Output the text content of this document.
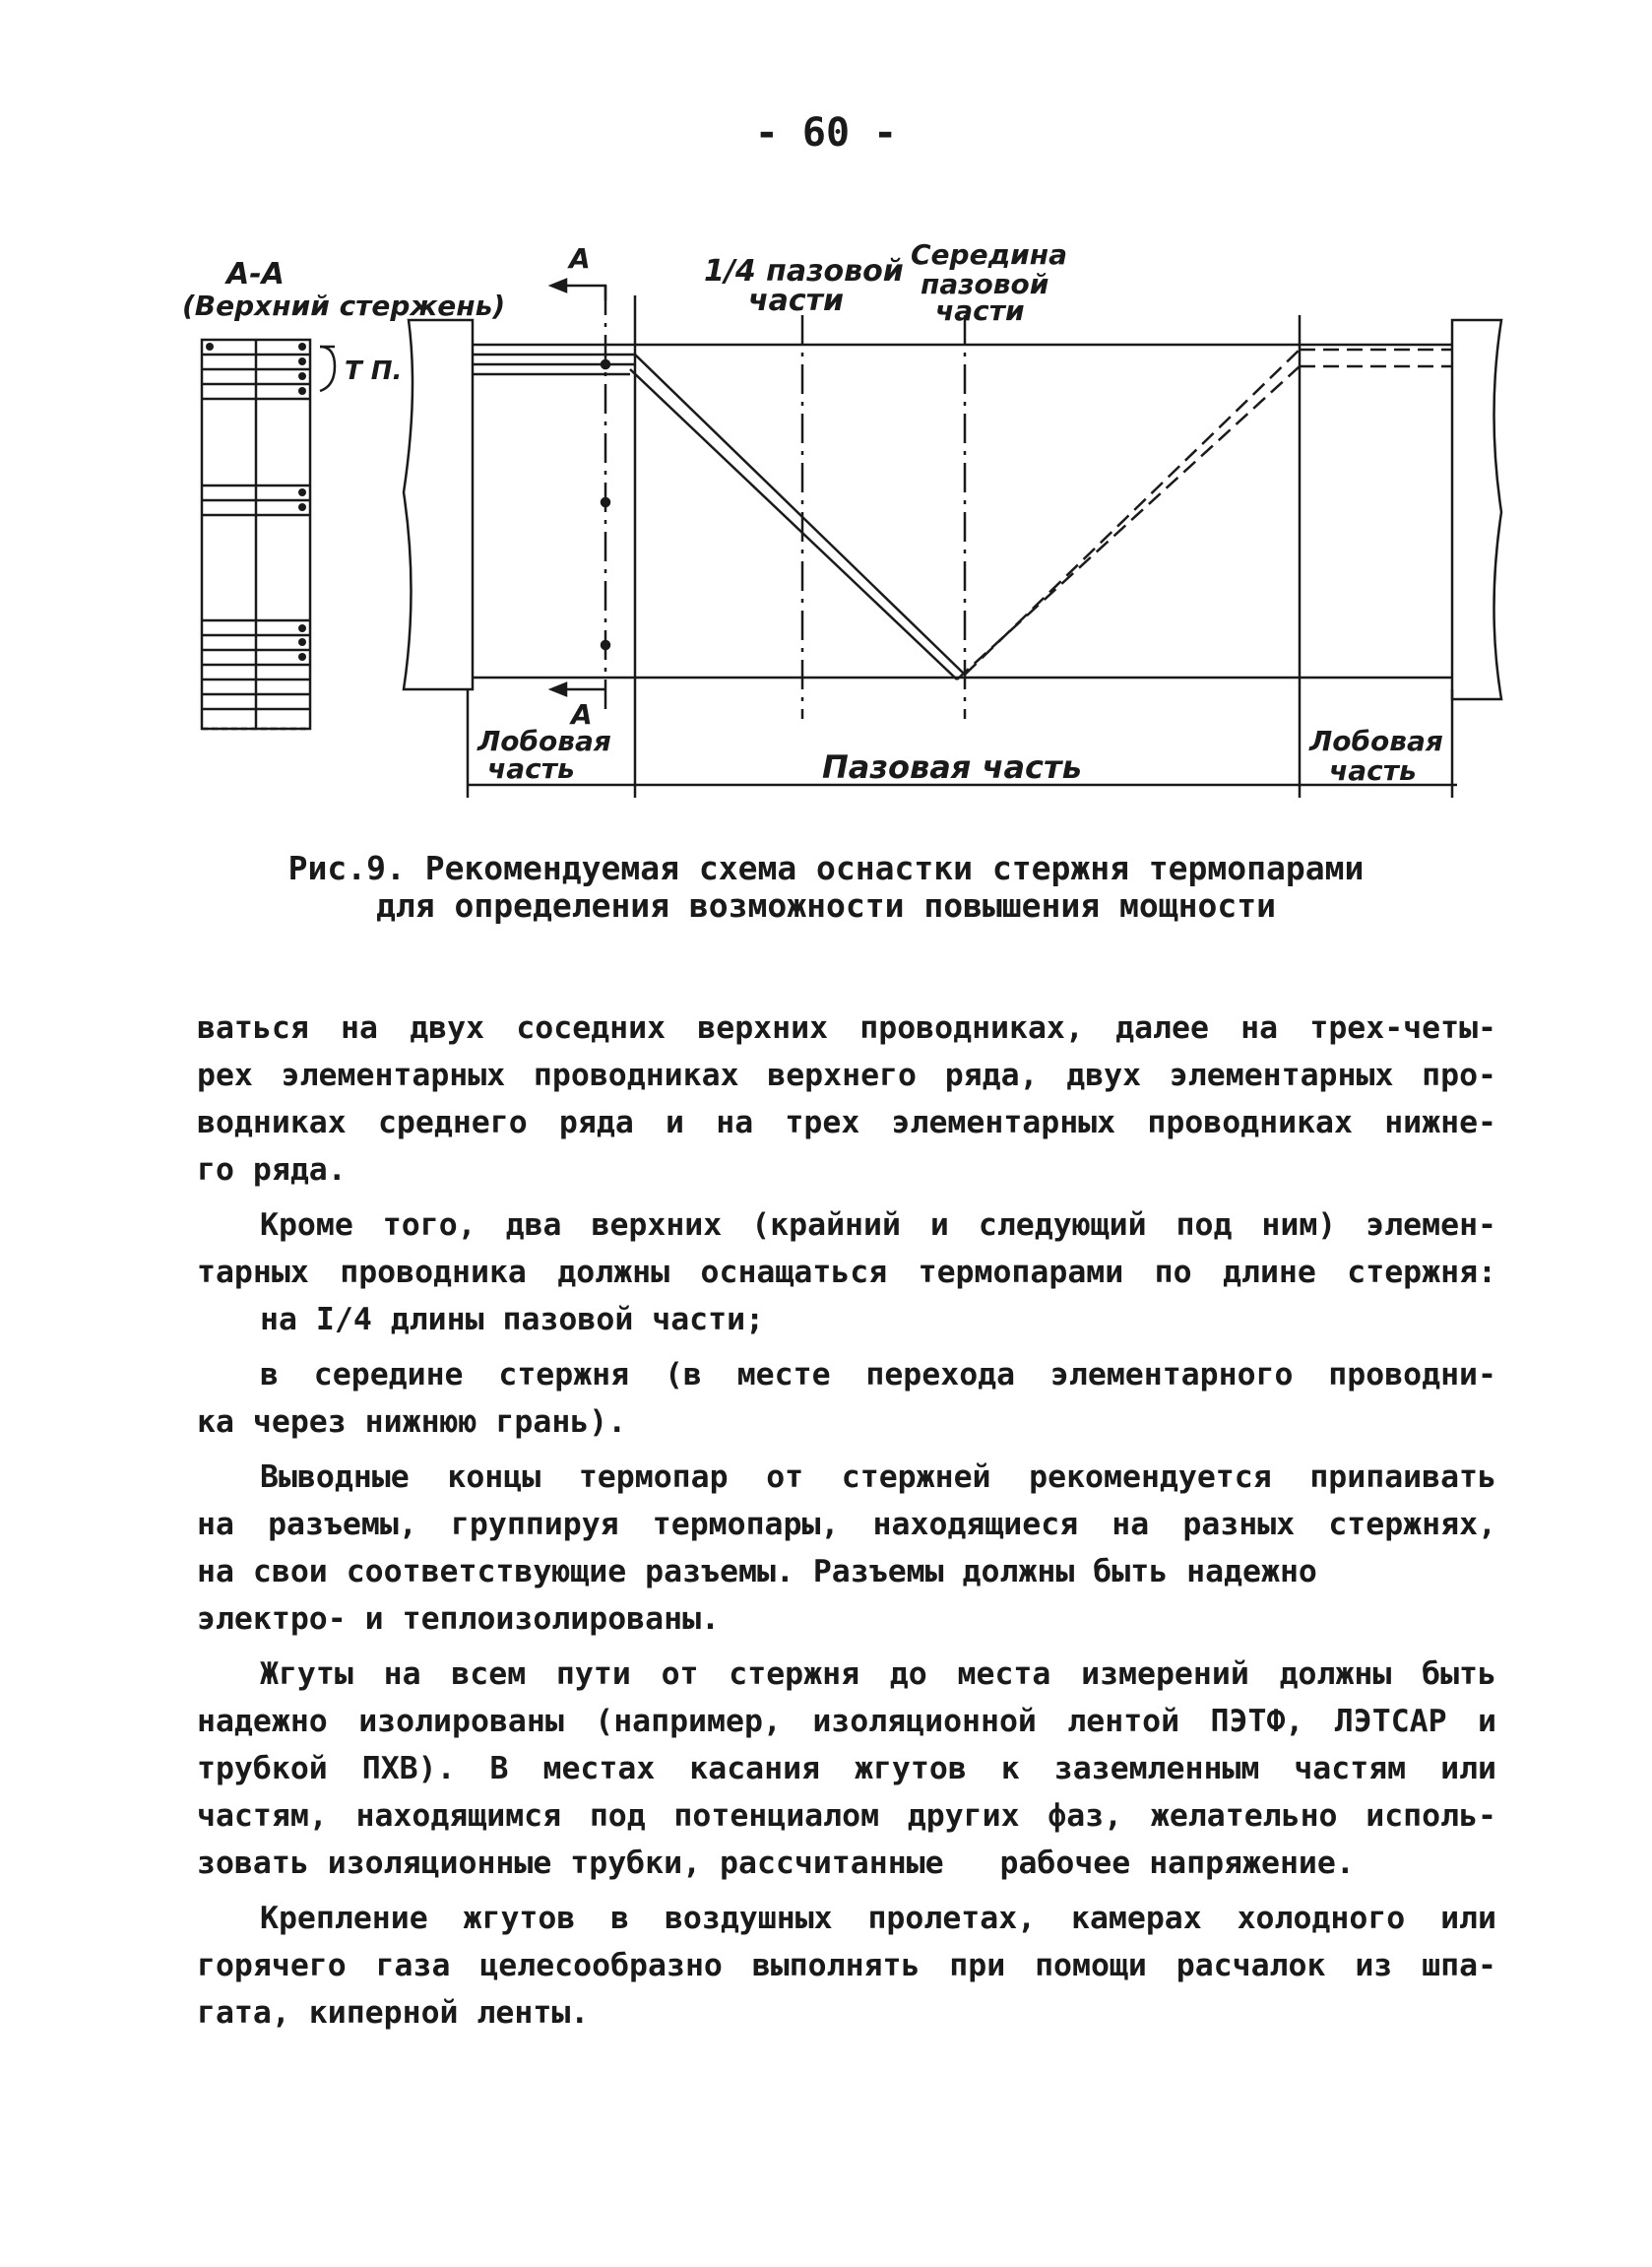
- 60 -
А-А
(Верхний стержень)
Т П.
А
А
1/4 пазовой
части
Середина
пазовой
части
Лобовая
часть	Пазовая часть
Лобовая
часть
Рис.9. Рекомендуемая схема оснастки стержня термопарами
для определения возможности повышения мощности
ваться на двух соседних верхних проводниках, далее на трех-четы-
рех элементарных проводниках верхнего ряда, двух элементарных про-
водниках среднего ряда и на трех элементарных проводниках нижне-
го ряда.
Кроме того, два верхних (крайний и следующий под ним) элемен-
тарных проводника должны оснащаться термопарами по длине стержня:
на I/4 длины пазовой части;
в середине стержня (в месте перехода элементарного проводни-
ка через нижнюю грань).
Выводные концы термопар от стержней рекомендуется припаивать
на разъемы, группируя термопары, находящиеся на разных стержнях,
на свои соответствующие разъемы. Разъемы должны быть надежно
электро- и теплоизолированы.
Жгуты на всем пути от стержня до места измерений должны быть
надежно изолированы (например, изоляционной лентой ПЭТФ, ЛЭТСАР и
трубкой ПХВ). В местах касания жгутов к заземленным частям или
частям, находящимся под потенциалом других фаз, желательно исполь-
зовать изоляционные трубки, рассчитанные   рабочее напряжение.
Крепление жгутов в воздушных пролетах, камерах холодного или
горячего газа целесообразно выполнять при помощи расчалок из шпа-
гата, киперной ленты.
